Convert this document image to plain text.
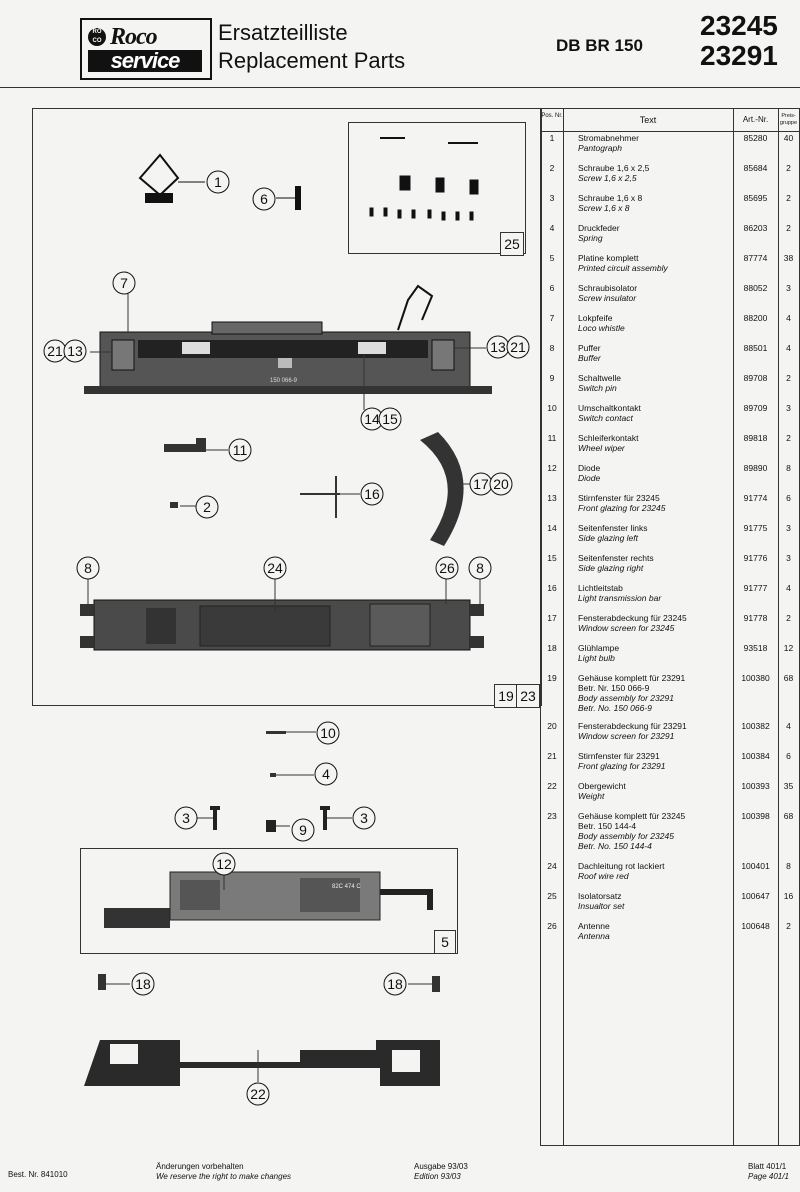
Roco
RO CO
service
Ersatzteilliste
Replacement Parts
DB BR 150
23245
23291
25
19 23
5
150 066-9
82C 474 C
1
6
7
21 13	13 21
14 15
11
17 20
2
16
8	24	26 8
10
4
3
9
3
12
18	18
22
Pos. Nr.	Text	Art.-Nr.	Preis-gruppe
1	Stromabnehmer
Pantograph
85280	40
2	Schraube 1,6 x 2,5
Screw 1,6 x 2,5
85684	2
3	Schraube 1,6 x 8
Screw 1,6 x 8
85695	2
4	Druckfeder
Spring
86203	2
5	Platine komplett
Printed circuit assembly
87774	38
6	Schraubisolator
Screw insulator
88052	3
7	Lokpfeife
Loco whistle
88200	4
8	Puffer
Buffer
88501	4
9	Schaltwelle
Switch pin
89708	2
10	Umschaltkontakt
Switch contact
89709	3
11	Schleiferkontakt
Wheel wiper
89818	2
12	Diode
Diode
89890	8
13	Stirnfenster für 23245
Front glazing for 23245
91774	6
14	Seitenfenster links
Side glazing left
91775	3
15	Seitenfenster rechts
Side glazing right
91776	3
16	Lichtleitstab
Light transmission bar
91777	4
17	Fensterabdeckung für 23245
Window screen for 23245
91778	2
18	Glühlampe
Light bulb
93518	12
19	Gehäuse komplett für 23291
Betr. Nr. 150 066-9
Body assembly for 23291
Betr. No. 150 066-9
100380	68
20	Fensterabdeckung für 23291
Window screen for 23291
100382	4
21	Stirnfenster für 23291
Front glazing for 23291
100384	6
22	Obergewicht
Weight
100393	35
23	Gehäuse komplett für 23245
Betr. 150 144-4
Body assembly for 23245
Betr. No. 150 144-4
100398	68
24	Dachleitung rot lackiert
Roof wire red
100401	8
25	Isolatorsatz
Insualtor set
100647	16
26	Antenne
Antenna
100648	2
Best. Nr. 841010
Änderungen vorbehalten
We reserve the right to make changes
Ausgabe 93/03
Edition 93/03
Blatt 401/1
Page 401/1
